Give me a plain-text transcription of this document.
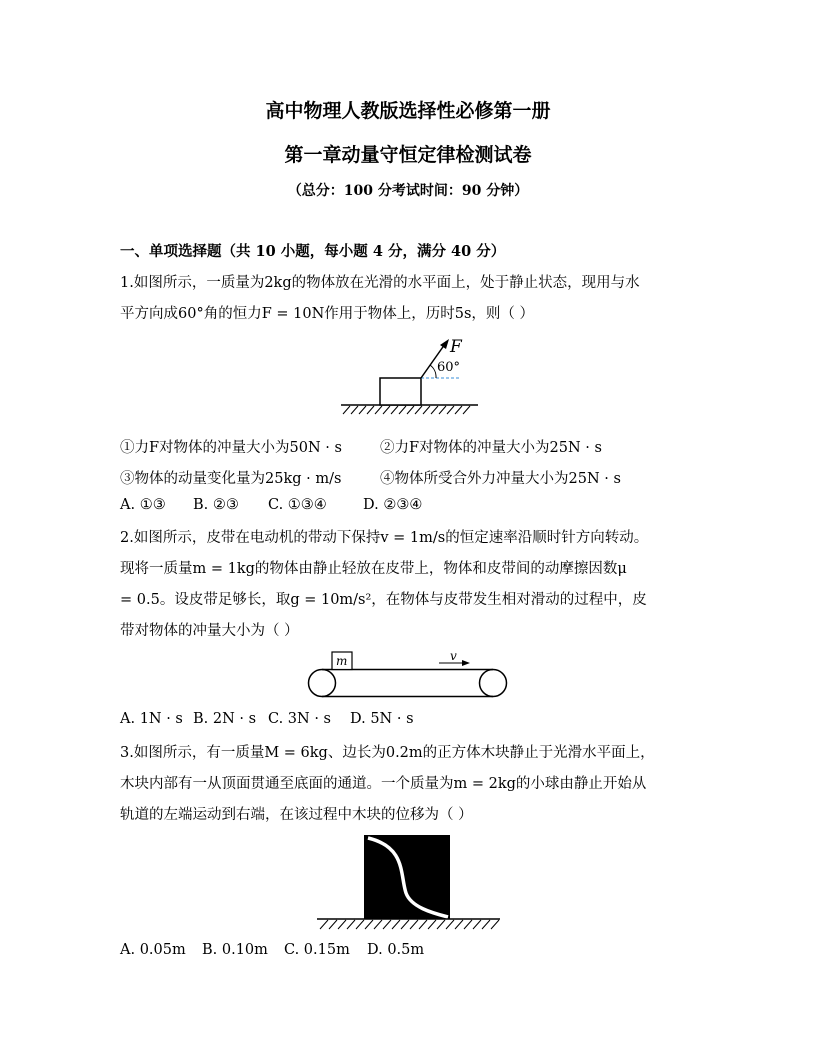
高中物理人教版选择性必修第一册
第一章动量守恒定律检测试卷
（总分：100 分考试时间：90 分钟）
一、单项选择题（共 10 小题，每小题 4 分，满分 40 分）
1.如图所示，一质量为2kg的物体放在光滑的水平面上，处于静止状态，现用与水
平方向成60°角的恒力F = 10N作用于物体上，历时5s，则（ ）
F
60°
①力F对物体的冲量大小为50N · s	②力F对物体的冲量大小为25N · s
③物体的动量变化量为25kg · m/s	④物体所受合外力冲量大小为25N · s
A. ①③	B. ②③	C. ①③④	D. ②③④
2.如图所示，皮带在电动机的带动下保持v = 1m/s的恒定速率沿顺时针方向转动。
现将一质量m = 1kg的物体由静止轻放在皮带上，物体和皮带间的动摩擦因数μ
= 0.5。设皮带足够长，取g = 10m/s²，在物体与皮带发生相对滑动的过程中，皮
带对物体的冲量大小为（ ）
m	v
A. 1N · s B. 2N · s C. 3N · s	D. 5N · s
3.如图所示，有一质量M = 6kg、边长为0.2m的正方体木块静止于光滑水平面上，
木块内部有一从顶面贯通至底面的通道。一个质量为m = 2kg的小球由静止开始从
轨道的左端运动到右端，在该过程中木块的位移为（ ）
A. 0.05m	B. 0.10m	C. 0.15m	D. 0.5m
